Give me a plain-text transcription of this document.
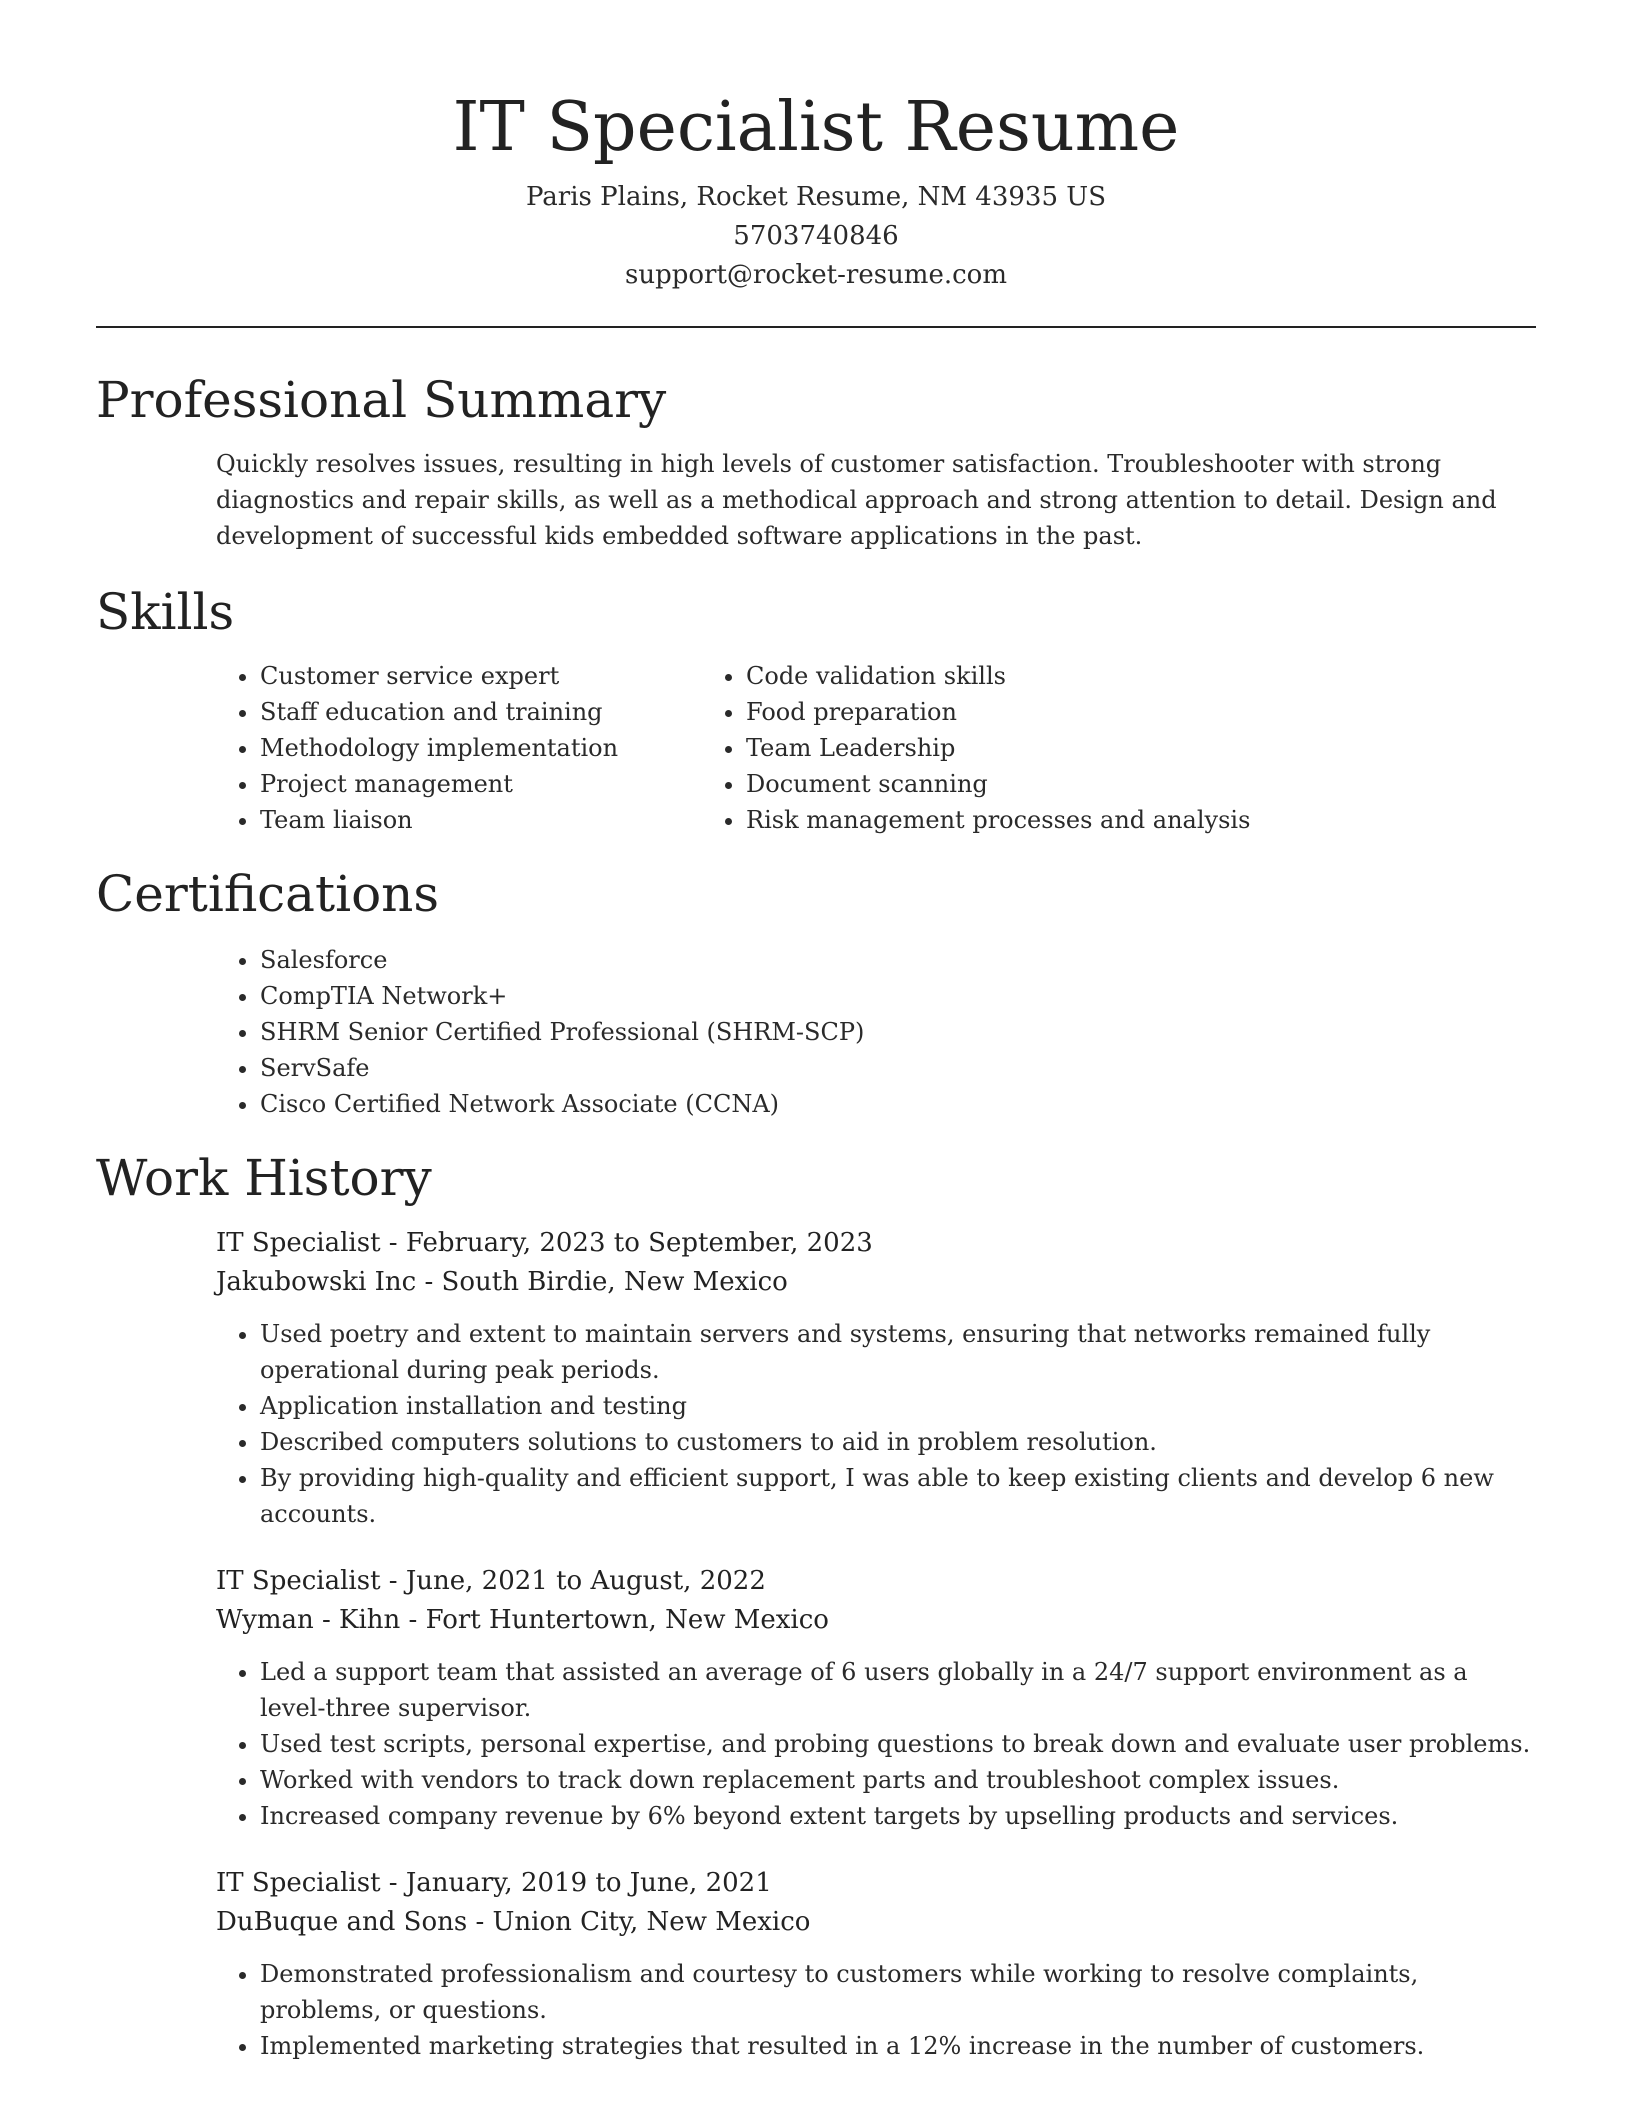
IT Specialist Resume

Paris Plains, Rocket Resume, NM 43935 US

5703740846

support@rocket-resume.com

Professional Summary

Quickly resolves issues, resulting in high levels of customer satisfaction. Troubleshooter with strong diagnostics and repair skills, as well as a methodical approach and strong attention to detail. Design and development of successful kids embedded software applications in the past.

Skills
• Customer service expert
• Staff education and training
• Methodology implementation
• Project management
• Team liaison
• Code validation skills
• Food preparation
• Team Leadership
• Document scanning
• Risk management processes and analysis
Certifications
• Salesforce
• CompTIA Network+
• SHRM Senior Certified Professional (SHRM-SCP)
• ServSafe
• Cisco Certified Network Associate (CCNA)
Work History

IT Specialist - February, 2023 to September, 2023

Jakubowski Inc - South Birdie, New Mexico

• Used poetry and extent to maintain servers and systems, ensuring that networks remained fully operational during peak periods.
• Application installation and testing
• Described computers solutions to customers to aid in problem resolution.
• By providing high-quality and efficient support, I was able to keep existing clients and develop 6 new accounts.

IT Specialist - June, 2021 to August, 2022

Wyman - Kihn - Fort Huntertown, New Mexico

• Led a support team that assisted an average of 6 users globally in a 24/7 support environment as a level-three supervisor.
• Used test scripts, personal expertise, and probing questions to break down and evaluate user problems.
• Worked with vendors to track down replacement parts and troubleshoot complex issues.
• Increased company revenue by 6% beyond extent targets by upselling products and services.

IT Specialist - January, 2019 to June, 2021

DuBuque and Sons - Union City, New Mexico

• Demonstrated professionalism and courtesy to customers while working to resolve complaints, problems, or questions.
• Implemented marketing strategies that resulted in a 12% increase in the number of customers.
